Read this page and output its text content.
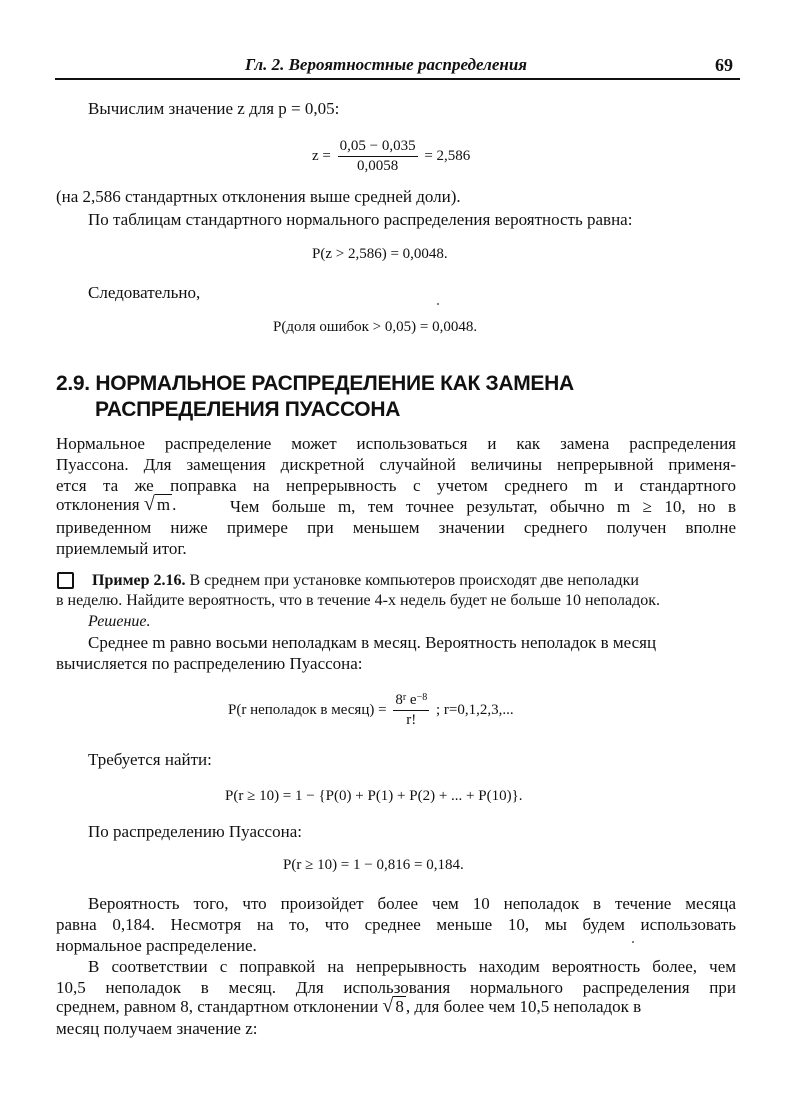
Гл. 2. Вероятностные распределения	69
Вычислим значение z для p = 0,05:
$z = \frac{0,05 - 0,035}{0,0058} = 2,586$
(на 2,586 стандартных отклонения выше средней доли).
По таблицам стандартного нормального распределения вероятность равна:
P(z > 2,586) = 0,0048.
Следовательно,
P(доля ошибок > 0,05) = 0,0048.
2.9. НОРМАЛЬНОЕ РАСПРЕДЕЛЕНИЕ КАК ЗАМЕНА
РАСПРЕДЕЛЕНИЯ ПУАССОНА
Нормальное распределение может использоваться и как замена распределения
Пуассона. Для замещения дискретной случайной величины непрерывной применя-
ется та же поправка на непрерывность с учетом среднего m и стандартного
отклонения √ m .	Чем больше m, тем точнее результат, обычно m ≥ 10, но в
приведенном ниже примере при меньшем значении среднего получен вполне
приемлемый итог.
Пример 2.16. В среднем при установке компьютеров происходят две неполадки
в неделю. Найдите вероятность, что в течение 4-х недель будет не больше 10 неполадок.
Решение.
Среднее m равно восьми неполадкам в месяц. Вероятность неполадок в месяц
вычисляется по распределению Пуассона:
P(r неполадок в месяц) = $\frac{8^r e^{-8}}{r!}$ ; r=0,1,2,3,...
Требуется найти:
P(r ≥ 10) = 1 − {P(0) + P(1) + P(2) + ... + P(10)}.
По распределению Пуассона:
P(r ≥ 10) = 1 − 0,816 = 0,184.
Вероятность того, что произойдет более чем 10 неполадок в течение месяца
равна 0,184. Несмотря на то, что среднее меньше 10, мы будем использовать
нормальное распределение.
В соответствии с поправкой на непрерывность находим вероятность более, чем
10,5 неполадок в месяц. Для использования нормального распределения при
среднем, равном 8, стандартном отклонении √ 8 , для более чем 10,5 неполадок в
месяц получаем значение z:
